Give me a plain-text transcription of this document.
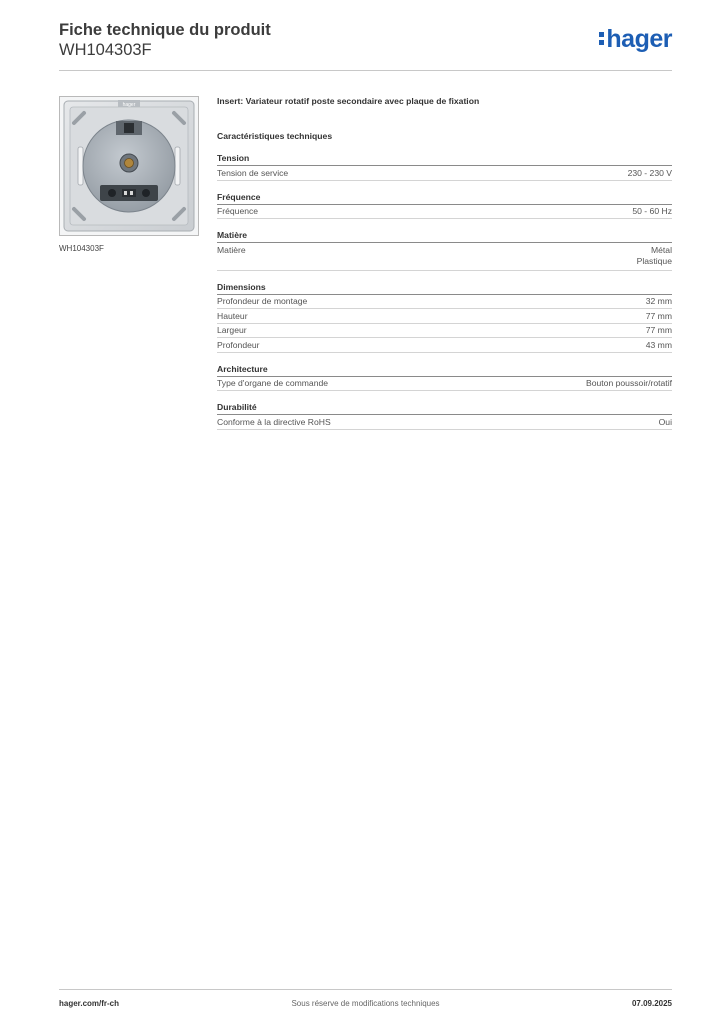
Fiche technique du produit
WH104303F	hager
hager
WH104303F
Insert: Variateur rotatif poste secondaire avec plaque de fixation
Caractéristiques techniques
Tension
Tension de service	230 - 230 V
Fréquence
Fréquence	50 - 60 Hz
Matière
Matière	Métal
Plastique
Dimensions
Profondeur de montage	32 mm
Hauteur	77 mm
Largeur	77 mm
Profondeur	43 mm
Architecture
Type d'organe de commande	Bouton poussoir/rotatif
Durabilité
Conforme à la directive RoHS	Oui
hager.com/fr-ch	Sous réserve de modifications techniques	07.09.2025
